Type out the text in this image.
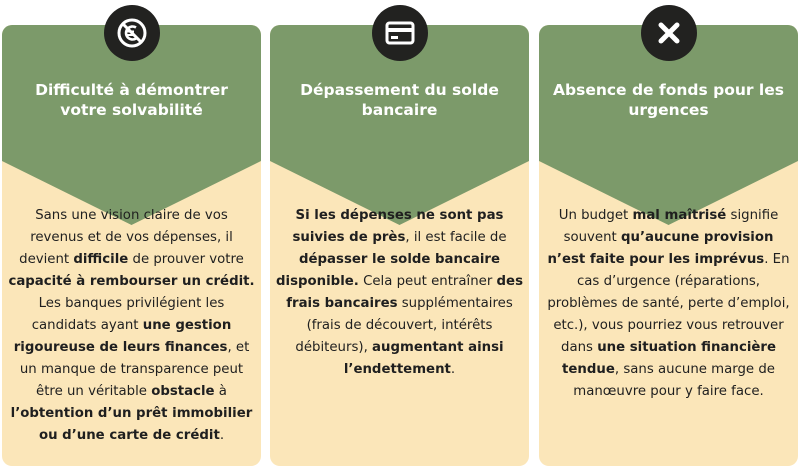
Difficulté à démontrer votre solvabilité
Sans une vision claire de vos revenus et de vos dépenses, il devient difficile de prouver votre capacité à rembourser un crédit. Les banques privilégient les candidats ayant une gestion rigoureuse de leurs finances, et un manque de transparence peut être un véritable obstacle à l’obtention d’un prêt immobilier ou d’une carte de crédit.
Dépassement du solde bancaire
Si les dépenses ne sont pas suivies de près, il est facile de dépasser le solde bancaire disponible. Cela peut entraîner des frais bancaires supplémentaires (frais de découvert, intérêts débiteurs), augmentant ainsi l’endettement.
Absence de fonds pour les urgences
Un budget mal maîtrisé signifie souvent qu’aucune provision n’est faite pour les imprévus. En cas d’urgence (réparations, problèmes de santé, perte d’emploi, etc.), vous pourriez vous retrouver dans une situation financière tendue, sans aucune marge de manœuvre pour y faire face.
